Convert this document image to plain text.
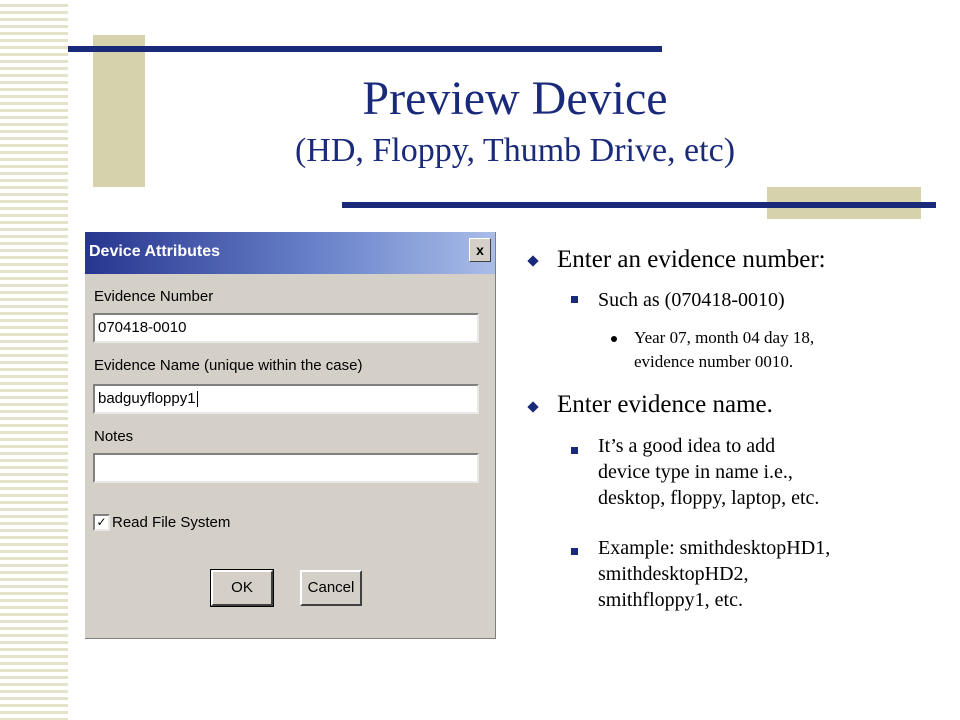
Preview Device
(HD, Floppy, Thumb Drive, etc)
Device Attributes	x
Evidence Number
070418-0010
Evidence Name (unique within the case)
badguyfloppy1
Notes
✓ Read File System
OK	Cancel
Enter an evidence number:
Such as (070418-0010)
Year 07, month 04 day 18,
evidence number 0010.
Enter evidence name.
It’s a good idea to add
device type in name i.e.,
desktop, floppy, laptop, etc.
Example: smithdesktopHD1,
smithdesktopHD2,
smithfloppy1, etc.
